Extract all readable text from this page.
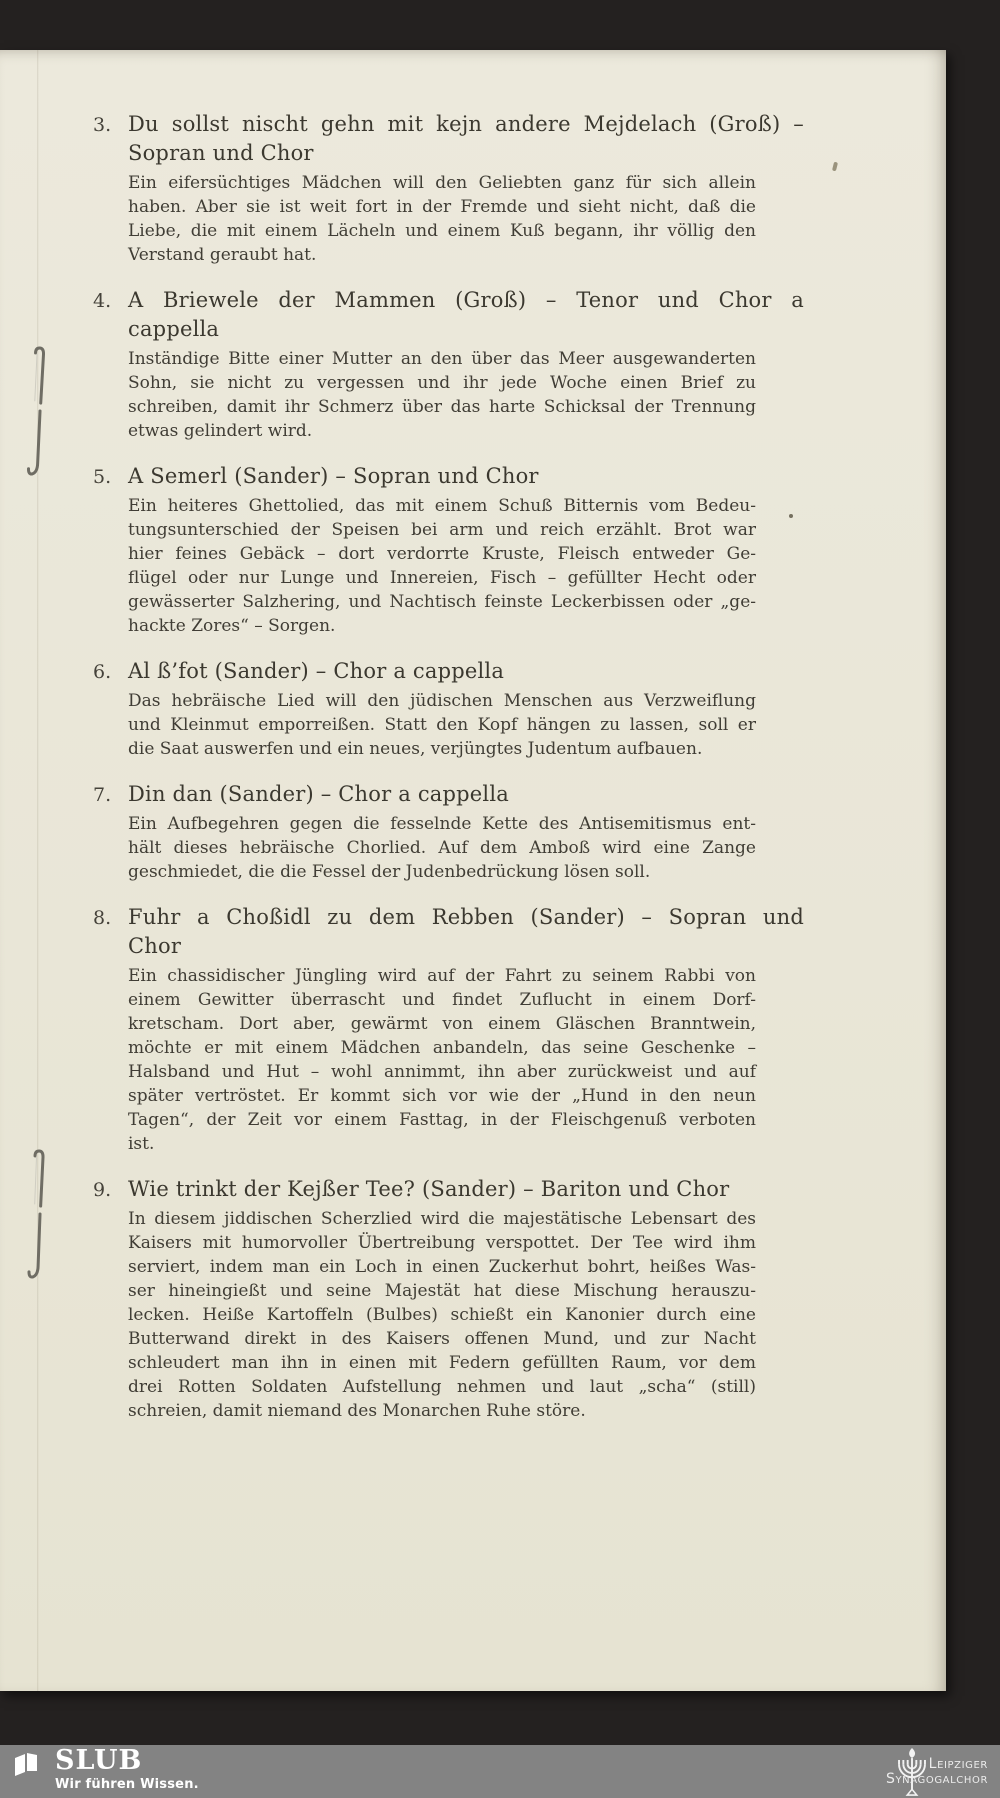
3. Du sollst nischt gehn mit kejn andere Mejdelach (Groß) –
Sopran und Chor
Ein eifersüchtiges Mädchen will den Geliebten ganz für sich allein
haben. Aber sie ist weit fort in der Fremde und sieht nicht, daß die
Liebe, die mit einem Lächeln und einem Kuß begann, ihr völlig den
Verstand geraubt hat.
4. A Briewele der Mammen (Groß) – Tenor und Chor a
cappella
Inständige Bitte einer Mutter an den über das Meer ausgewanderten
Sohn, sie nicht zu vergessen und ihr jede Woche einen Brief zu
schreiben, damit ihr Schmerz über das harte Schicksal der Trennung
etwas gelindert wird.
5. A Semerl (Sander) – Sopran und Chor
Ein heiteres Ghettolied, das mit einem Schuß Bitternis vom Bedeu-
tungsunterschied der Speisen bei arm und reich erzählt. Brot war
hier feines Gebäck – dort verdorrte Kruste, Fleisch entweder Ge-
flügel oder nur Lunge und Innereien, Fisch – gefüllter Hecht oder
gewässerter Salzhering, und Nachtisch feinste Leckerbissen oder „ge-
hackte Zores“ – Sorgen.
6. Al ß’fot (Sander) – Chor a cappella
Das hebräische Lied will den jüdischen Menschen aus Verzweiflung
und Kleinmut emporreißen. Statt den Kopf hängen zu lassen, soll er
die Saat auswerfen und ein neues, verjüngtes Judentum aufbauen.
7. Din dan (Sander) – Chor a cappella
Ein Aufbegehren gegen die fesselnde Kette des Antisemitismus ent-
hält dieses hebräische Chorlied. Auf dem Amboß wird eine Zange
geschmiedet, die die Fessel der Judenbedrückung lösen soll.
8. Fuhr a Choßidl zu dem Rebben (Sander) – Sopran und
Chor
Ein chassidischer Jüngling wird auf der Fahrt zu seinem Rabbi von
einem Gewitter überrascht und findet Zuflucht in einem Dorf-
kretscham. Dort aber, gewärmt von einem Gläschen Branntwein,
möchte er mit einem Mädchen anbandeln, das seine Geschenke –
Halsband und Hut – wohl annimmt, ihn aber zurückweist und auf
später vertröstet. Er kommt sich vor wie der „Hund in den neun
Tagen“, der Zeit vor einem Fasttag, in der Fleischgenuß verboten
ist.
9. Wie trinkt der Kejßer Tee? (Sander) – Bariton und Chor
In diesem jiddischen Scherzlied wird die majestätische Lebensart des
Kaisers mit humorvoller Übertreibung verspottet. Der Tee wird ihm
serviert, indem man ein Loch in einen Zuckerhut bohrt, heißes Was-
ser hineingießt und seine Majestät hat diese Mischung herauszu-
lecken. Heiße Kartoffeln (Bulbes) schießt ein Kanonier durch eine
Butterwand direkt in des Kaisers offenen Mund, und zur Nacht
schleudert man ihn in einen mit Federn gefüllten Raum, vor dem
drei Rotten Soldaten Aufstellung nehmen und laut „scha“ (still)
schreien, damit niemand des Monarchen Ruhe störe.
SLUB
Wir führen Wissen.
Leipziger
Synagogalchor
